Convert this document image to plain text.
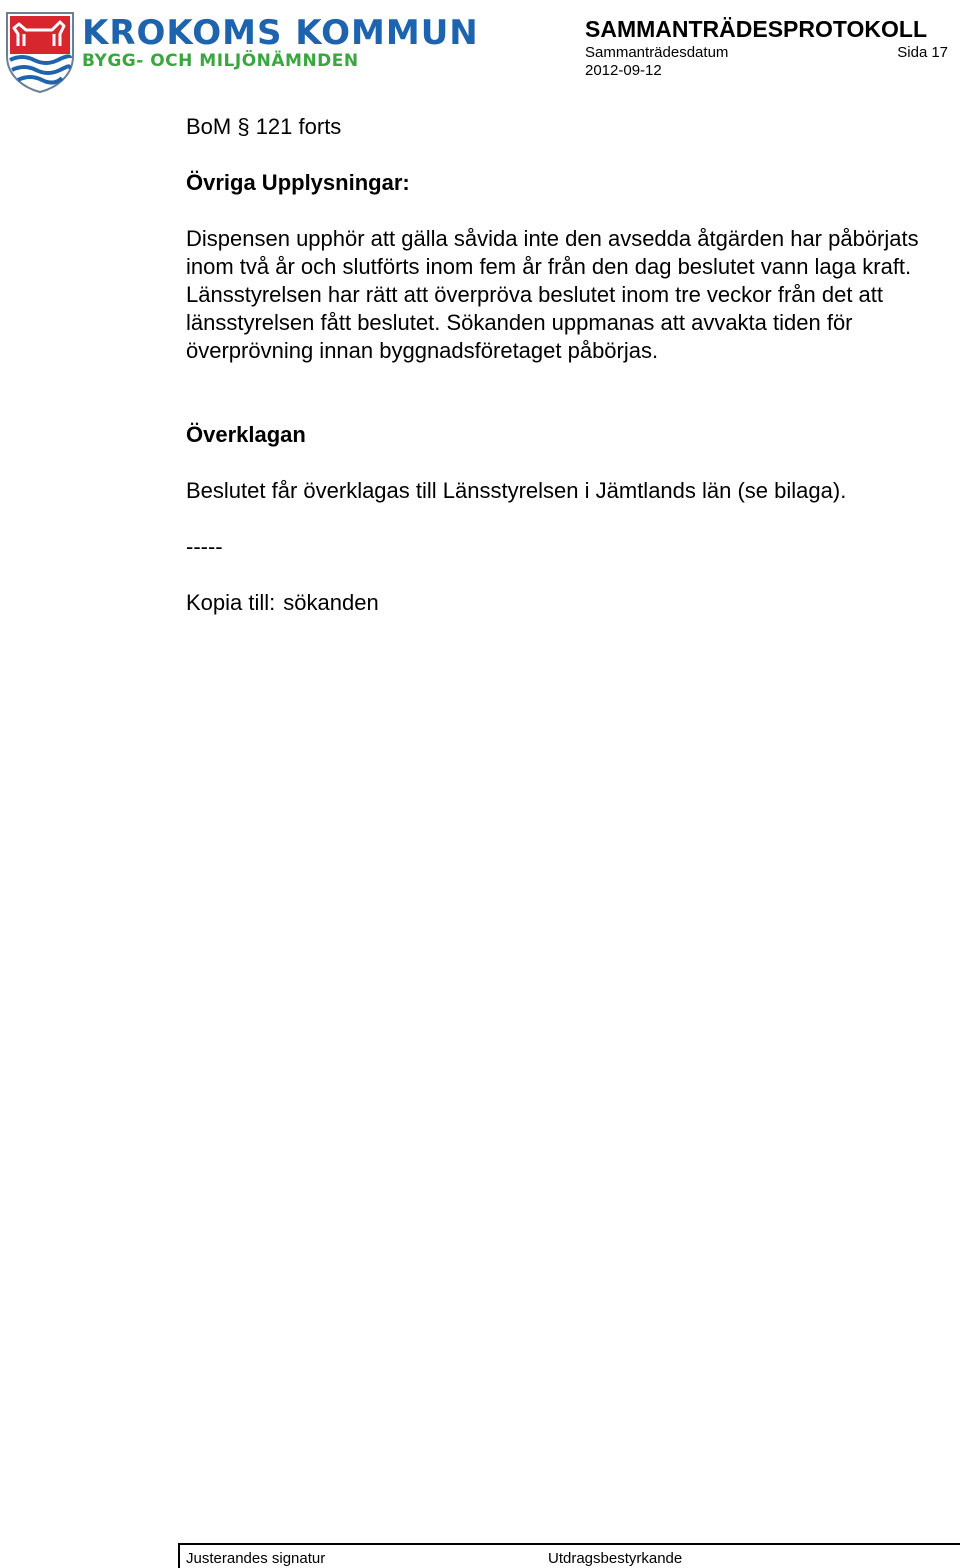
KROKOMS KOMMUN
BYGG- OCH MILJÖNÄMNDEN
SAMMANTRÄDESPROTOKOLL
Sammanträdesdatum	Sida 17
2012-09-12

BoM § 121 forts

Övriga Upplysningar:

Dispensen upphör att gälla såvida inte den avsedda åtgärden har påbörjats inom två år och slutförts inom fem år från den dag beslutet vann laga kraft. Länsstyrelsen har rätt att överpröva beslutet inom tre veckor från det att länsstyrelsen fått beslutet. Sökanden uppmanas att avvakta tiden för överprövning innan byggnadsföretaget påbörjas.

Överklagan

Beslutet får överklagas till Länsstyrelsen i Jämtlands län (se bilaga).

-----

Kopia till: sökanden

Justerandes signatur	Utdragsbestyrkande
